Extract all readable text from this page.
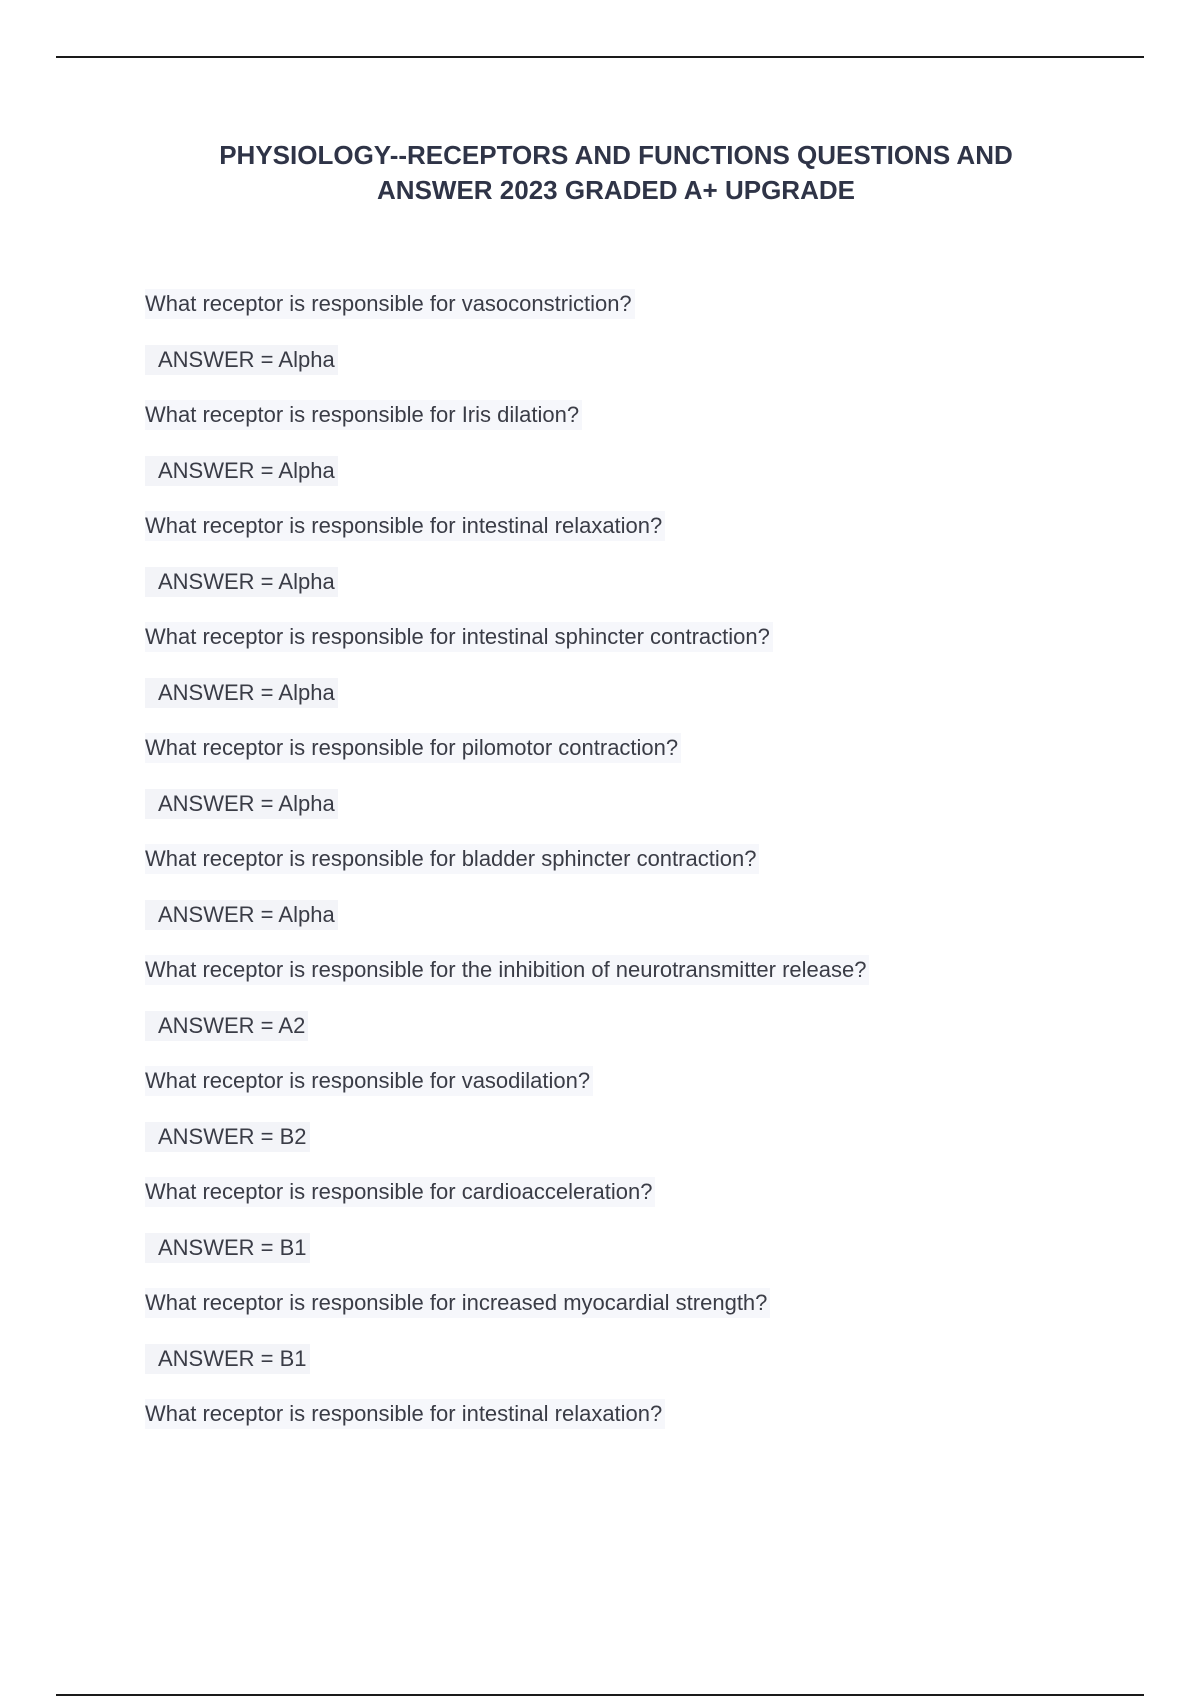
PHYSIOLOGY--RECEPTORS AND FUNCTIONS QUESTIONS AND
ANSWER 2023 GRADED A+ UPGRADE
What receptor is responsible for vasoconstriction?
ANSWER = Alpha
What receptor is responsible for Iris dilation?
ANSWER = Alpha
What receptor is responsible for intestinal relaxation?
ANSWER = Alpha
What receptor is responsible for intestinal sphincter contraction?
ANSWER = Alpha
What receptor is responsible for pilomotor contraction?
ANSWER = Alpha
What receptor is responsible for bladder sphincter contraction?
ANSWER = Alpha
What receptor is responsible for the inhibition of neurotransmitter release?
ANSWER = A2
What receptor is responsible for vasodilation?
ANSWER = B2
What receptor is responsible for cardioacceleration?
ANSWER = B1
What receptor is responsible for increased myocardial strength?
ANSWER = B1
What receptor is responsible for intestinal relaxation?
